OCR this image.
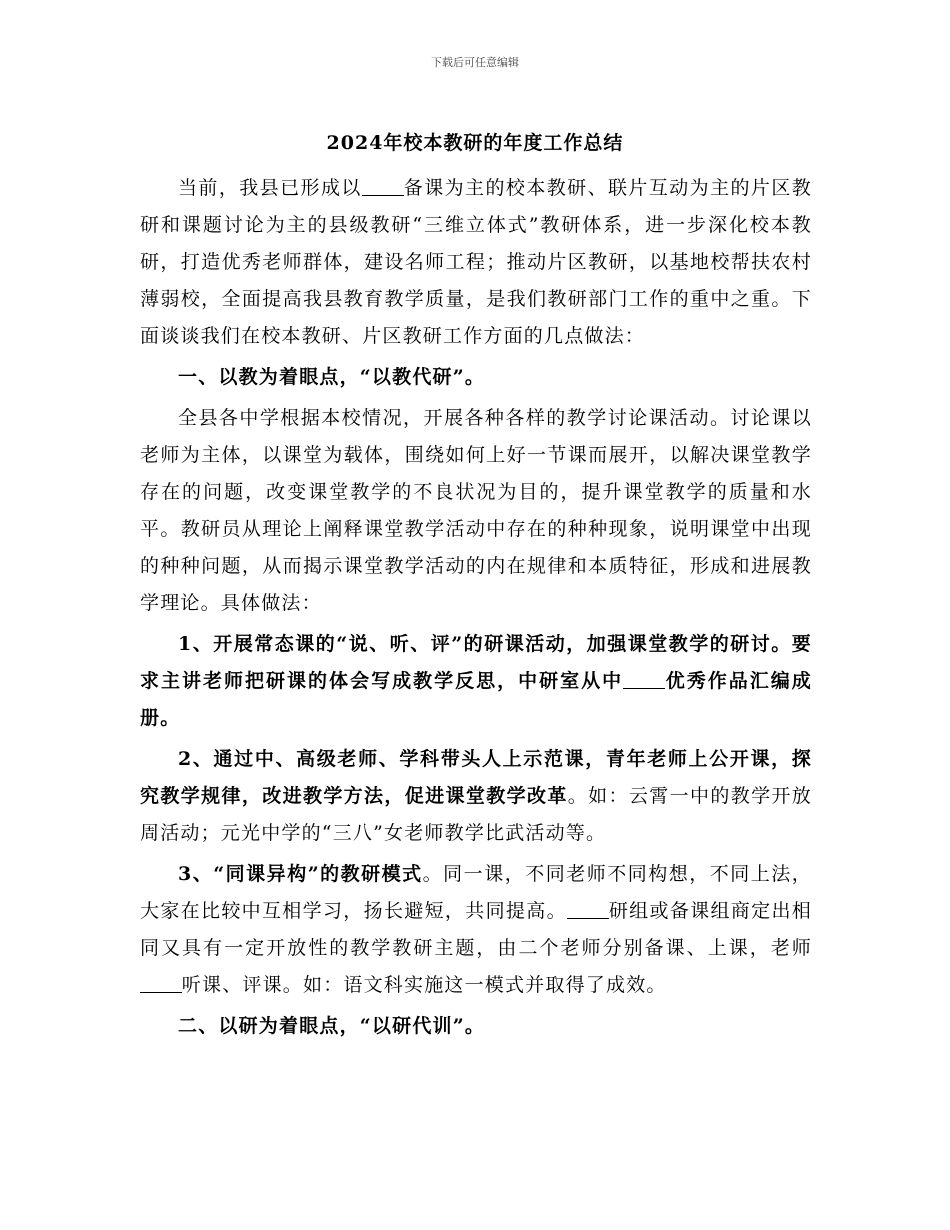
下载后可任意编辑
2024年校本教研的年度工作总结

当前，我县已形成以 备课为主的校本教研、联片互动为主的片区教研和课题讨论为主的县级教研“三维立体式”教研体系，进一步深化校本教研，打造优秀老师群体，建设名师工程；推动片区教研，以基地校帮扶农村薄弱校，全面提高我县教育教学质量，是我们教研部门工作的重中之重。下面谈谈我们在校本教研、片区教研工作方面的几点做法：

一、以教为着眼点，“以教代研”。

全县各中学根据本校情况，开展各种各样的教学讨论课活动。讨论课以老师为主体，以课堂为载体，围绕如何上好一节课而展开，以解决课堂教学存在的问题，改变课堂教学的不良状况为目的，提升课堂教学的质量和水平。教研员从理论上阐释课堂教学活动中存在的种种现象，说明课堂中出现的种种问题，从而揭示课堂教学活动的内在规律和本质特征，形成和进展教学理论。具体做法：

1、开展常态课的“说、听、评”的研课活动，加强课堂教学的研讨。要求主讲老师把研课的体会写成教学反思，中研室从中 优秀作品汇编成册。

2、通过中、高级老师、学科带头人上示范课，青年老师上公开课，探究教学规律，改进教学方法，促进课堂教学改革。如：云霄一中的教学开放周活动；元光中学的“三八”女老师教学比武活动等。

3、“同课异构”的教研模式。同一课，不同老师不同构想，不同上法，大家在比较中互相学习，扬长避短，共同提高。 研组或备课组商定出相同又具有一定开放性的教学教研主题，由二个老师分别备课、上课，老师听课、评课。如：语文科实施这一模式并取得了成效。

二、以研为着眼点，“以研代训”。
